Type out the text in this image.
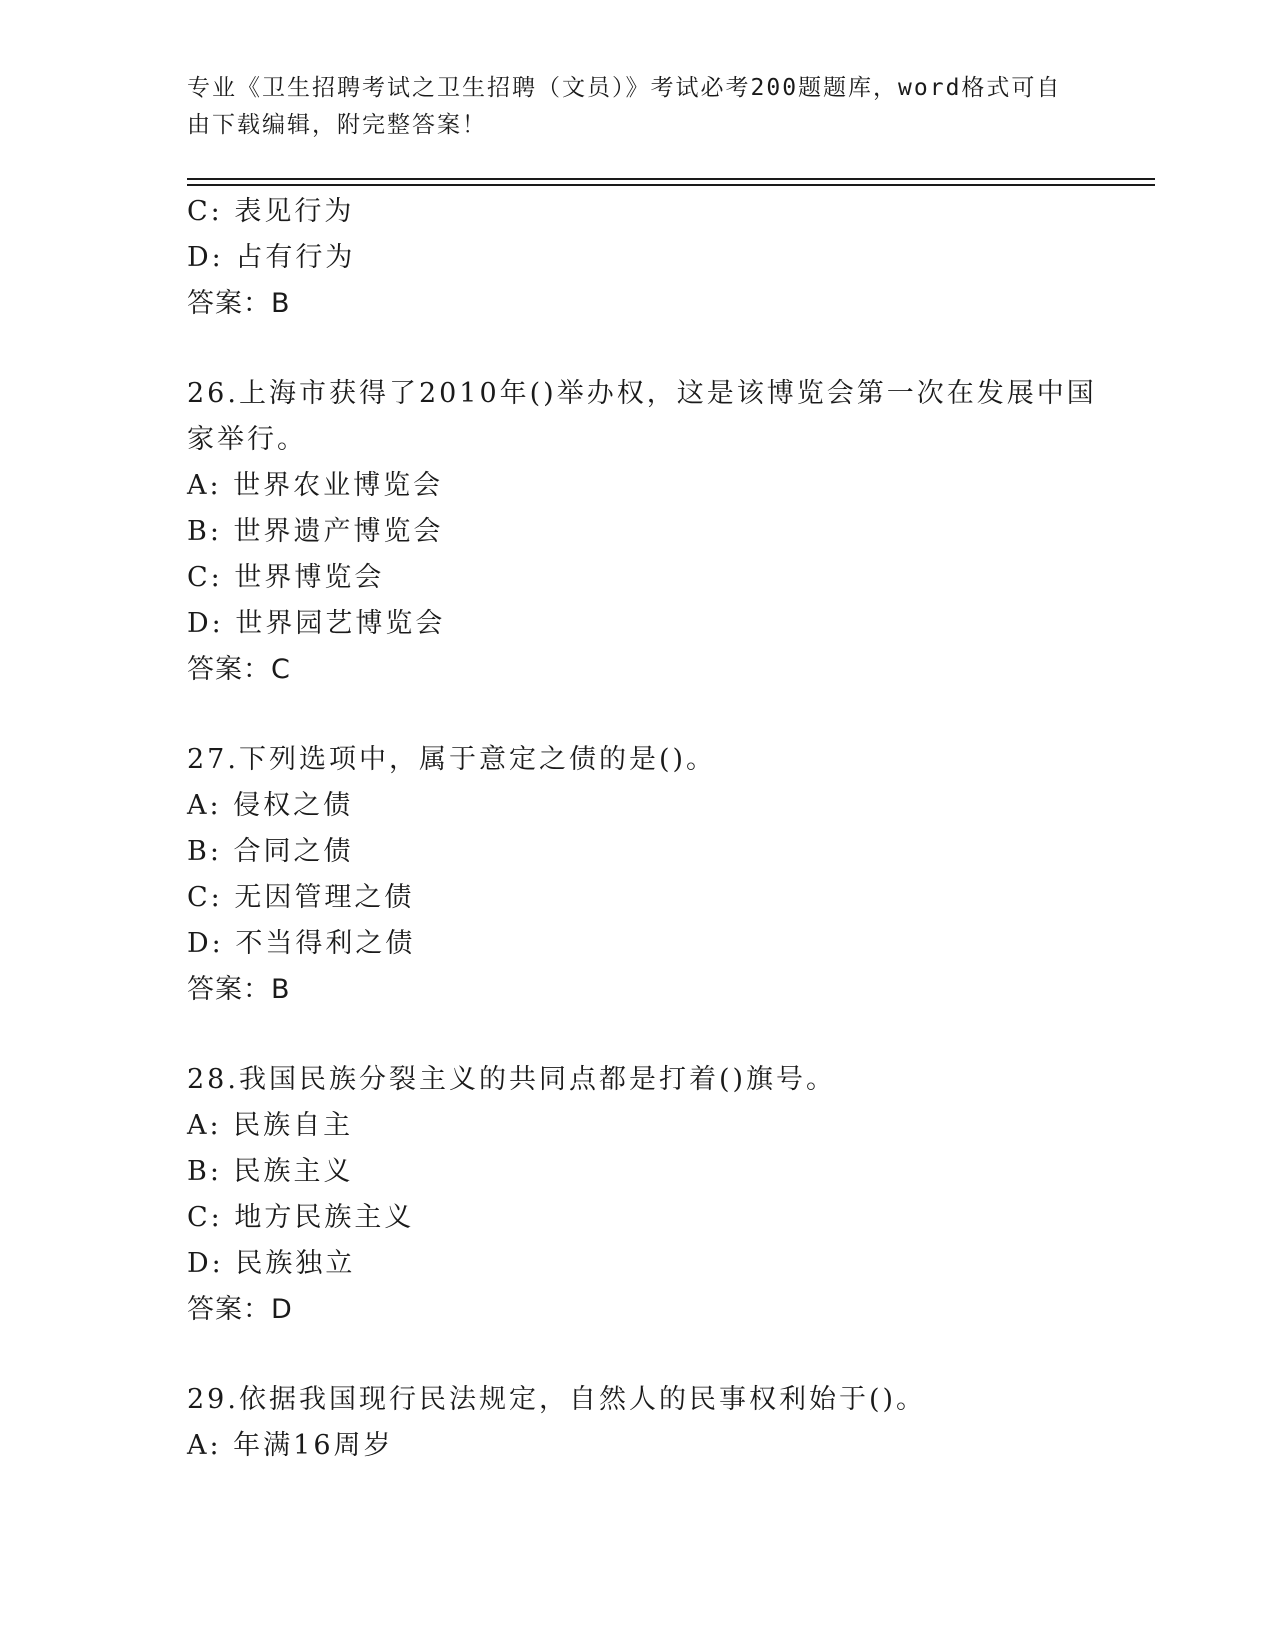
专业《卫生招聘考试之卫生招聘（文员）》考试必考200题题库，word格式可自
由下载编辑，附完整答案！
C: 表见行为
D: 占有行为
答案：B
26.上海市获得了2010年()举办权，这是该博览会第一次在发展中国
家举行。
A: 世界农业博览会
B: 世界遗产博览会
C: 世界博览会
D: 世界园艺博览会
答案：C
27.下列选项中，属于意定之债的是()。
A: 侵权之债
B: 合同之债
C: 无因管理之债
D: 不当得利之债
答案：B
28.我国民族分裂主义的共同点都是打着()旗号。
A: 民族自主
B: 民族主义
C: 地方民族主义
D: 民族独立
答案：D
29.依据我国现行民法规定，自然人的民事权利始于()。
A: 年满16周岁
